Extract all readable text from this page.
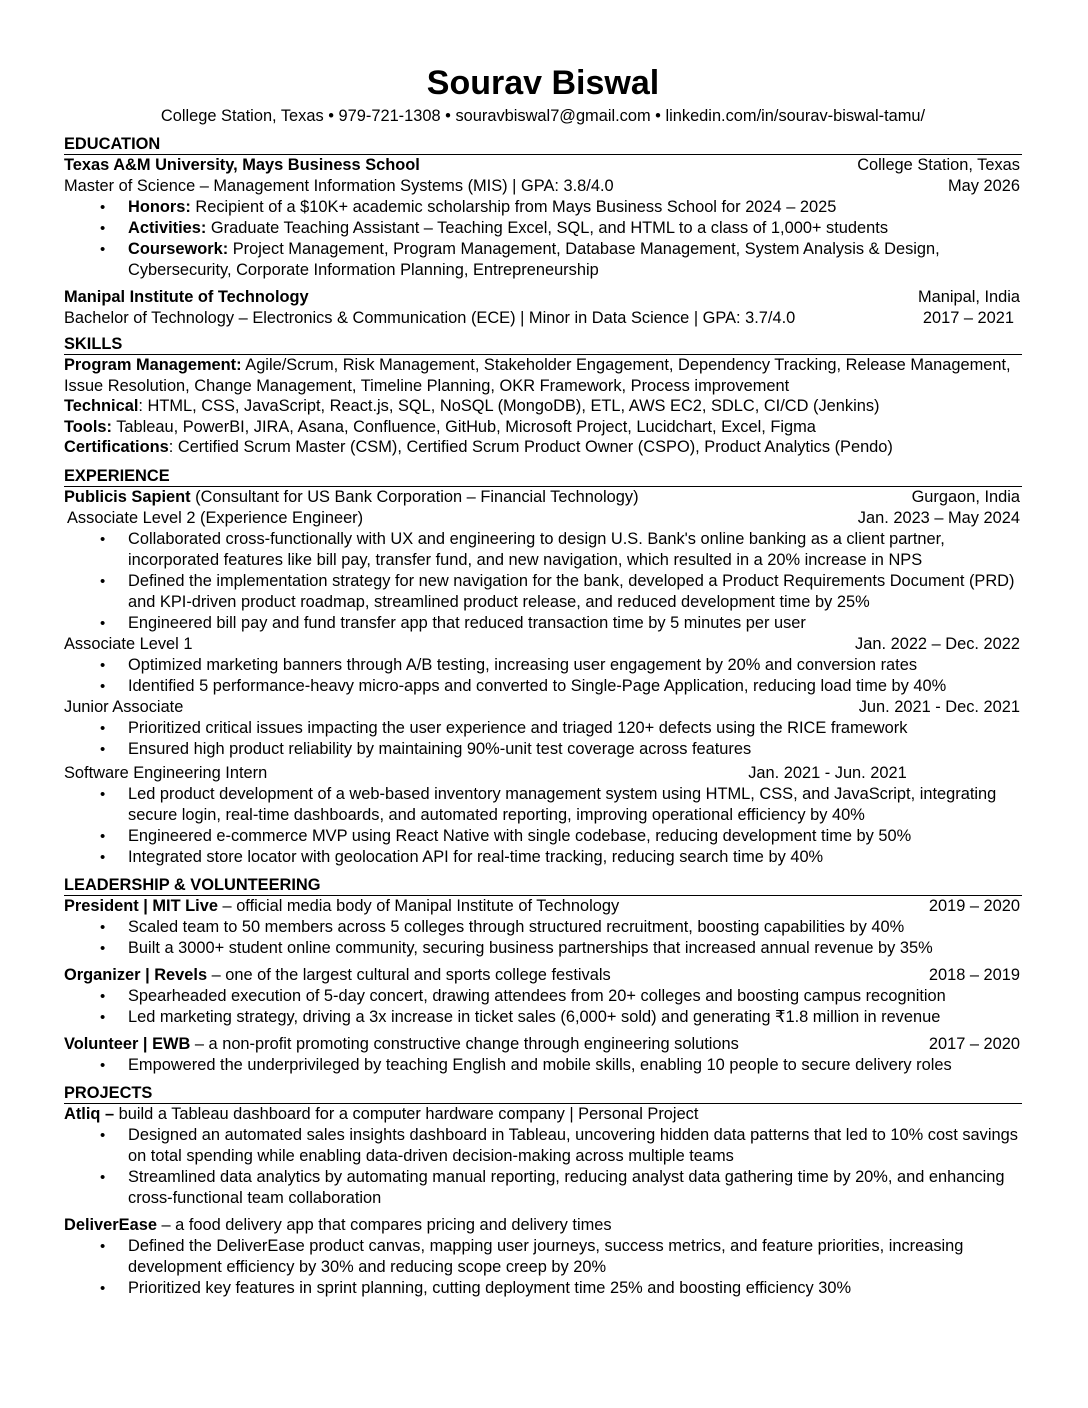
Sourav Biswal
College Station, Texas • 979-721-1308 • souravbiswal7@gmail.com • linkedin.com/in/sourav-biswal-tamu/
EDUCATION
Texas A&M University, Mays Business School	College Station, Texas
Master of Science – Management Information Systems (MIS) | GPA: 3.8/4.0	May 2026
• Honors: Recipient of a $10K+ academic scholarship from Mays Business School for 2024 – 2025
• Activities: Graduate Teaching Assistant – Teaching Excel, SQL, and HTML to a class of 1,000+ students
• Coursework: Project Management, Program Management, Database Management, System Analysis & Design, Cybersecurity, Corporate Information Planning, Entrepreneurship
Manipal Institute of Technology	Manipal, India
Bachelor of Technology – Electronics & Communication (ECE) | Minor in Data Science | GPA: 3.7/4.0	2017 – 2021
SKILLS

Program Management: Agile/Scrum, Risk Management, Stakeholder Engagement, Dependency Tracking, Release Management, Issue Resolution, Change Management, Timeline Planning, OKR Framework, Process improvement

Technical: HTML, CSS, JavaScript, React.js, SQL, NoSQL (MongoDB), ETL, AWS EC2, SDLC, CI/CD (Jenkins)

Tools: Tableau, PowerBI, JIRA, Asana, Confluence, GitHub, Microsoft Project, Lucidchart, Excel, Figma

Certifications: Certified Scrum Master (CSM), Certified Scrum Product Owner (CSPO), Product Analytics (Pendo)

EXPERIENCE
Publicis Sapient (Consultant for US Bank Corporation – Financial Technology)	Gurgaon, India
Associate Level 2 (Experience Engineer)	Jan. 2023 – May 2024
• Collaborated cross-functionally with UX and engineering to design U.S. Bank's online banking as a client partner, incorporated features like bill pay, transfer fund, and new navigation, which resulted in a 20% increase in NPS
• Defined the implementation strategy for new navigation for the bank, developed a Product Requirements Document (PRD) and KPI-driven product roadmap, streamlined product release, and reduced development time by 25%
• Engineered bill pay and fund transfer app that reduced transaction time by 5 minutes per user
Associate Level 1	Jan. 2022 – Dec. 2022
• Optimized marketing banners through A/B testing, increasing user engagement by 20% and conversion rates
• Identified 5 performance-heavy micro-apps and converted to Single-Page Application, reducing load time by 40%
Junior Associate	Jun. 2021 - Dec. 2021
• Prioritized critical issues impacting the user experience and triaged 120+ defects using the RICE framework
• Ensured high product reliability by maintaining 90%-unit test coverage across features
Software Engineering Intern	Jan. 2021 - Jun. 2021
• Led product development of a web-based inventory management system using HTML, CSS, and JavaScript, integrating secure login, real-time dashboards, and automated reporting, improving operational efficiency by 40%
• Engineered e-commerce MVP using React Native with single codebase, reducing development time by 50%
• Integrated store locator with geolocation API for real-time tracking, reducing search time by 40%
LEADERSHIP & VOLUNTEERING
President | MIT Live – official media body of Manipal Institute of Technology	2019 – 2020
• Scaled team to 50 members across 5 colleges through structured recruitment, boosting capabilities by 40%
• Built a 3000+ student online community, securing business partnerships that increased annual revenue by 35%
Organizer | Revels – one of the largest cultural and sports college festivals	2018 – 2019
• Spearheaded execution of 5-day concert, drawing attendees from 20+ colleges and boosting campus recognition
• Led marketing strategy, driving a 3x increase in ticket sales (6,000+ sold) and generating ₹1.8 million in revenue
Volunteer | EWB – a non-profit promoting constructive change through engineering solutions	2017 – 2020
• Empowered the underprivileged by teaching English and mobile skills, enabling 10 people to secure delivery roles
PROJECTS
Atliq – build a Tableau dashboard for a computer hardware company | Personal Project
• Designed an automated sales insights dashboard in Tableau, uncovering hidden data patterns that led to 10% cost savings on total spending while enabling data-driven decision-making across multiple teams
• Streamlined data analytics by automating manual reporting, reducing analyst data gathering time by 20%, and enhancing cross-functional team collaboration
DeliverEase – a food delivery app that compares pricing and delivery times
• Defined the DeliverEase product canvas, mapping user journeys, success metrics, and feature priorities, increasing development efficiency by 30% and reducing scope creep by 20%
• Prioritized key features in sprint planning, cutting deployment time 25% and boosting efficiency 30%
